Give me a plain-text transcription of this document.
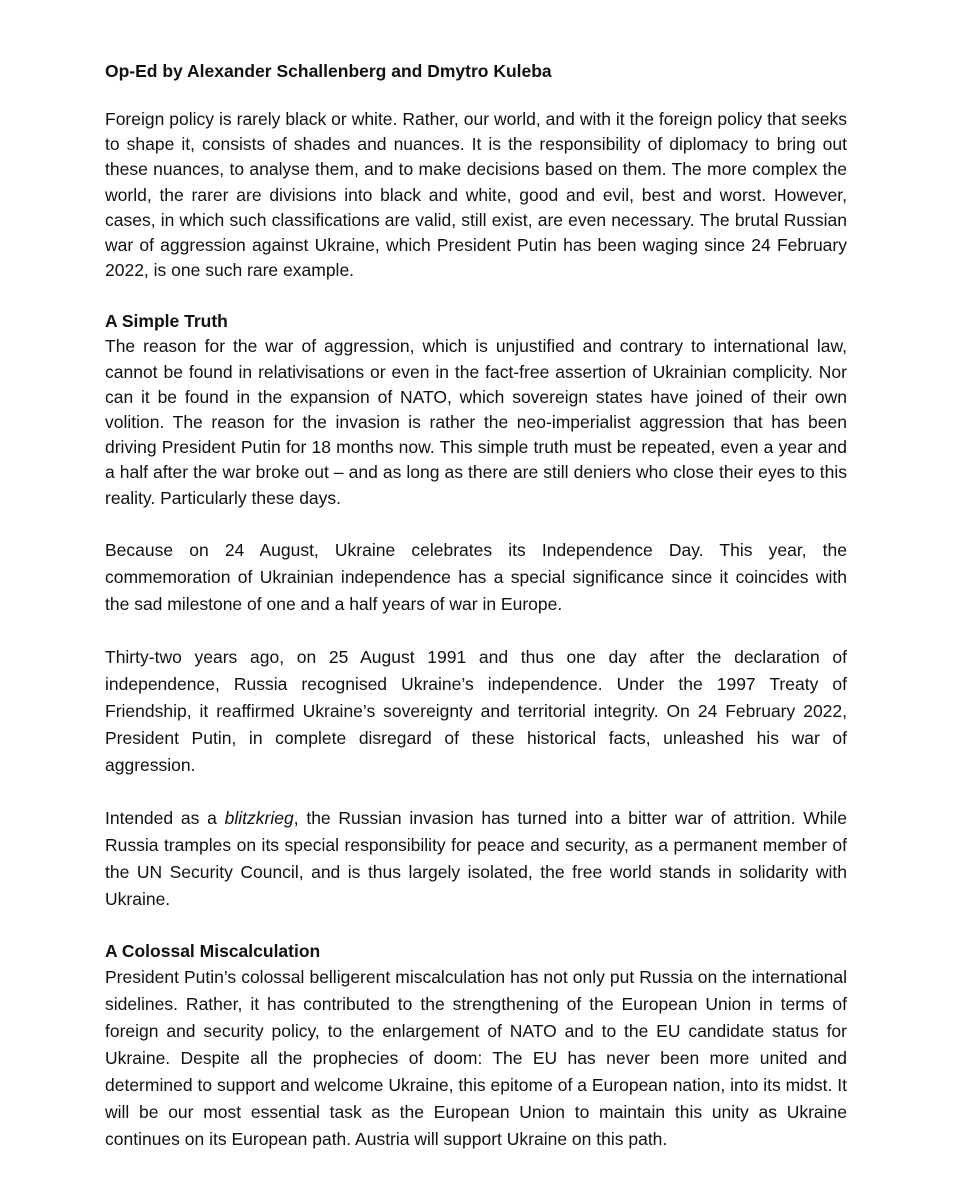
Op-Ed by Alexander Schallenberg and Dmytro Kuleba

Foreign policy is rarely black or white. Rather, our world, and with it the foreign policy that seeks to shape it, consists of shades and nuances. It is the responsibility of diplomacy to bring out these nuances, to analyse them, and to make decisions based on them. The more complex the world, the rarer are divisions into black and white, good and evil, best and worst. However, cases, in which such classifications are valid, still exist, are even necessary. The brutal Russian war of aggression against Ukraine, which President Putin has been waging since 24 February 2022, is one such rare example.

A Simple Truth

The reason for the war of aggression, which is unjustified and contrary to international law, cannot be found in relativisations or even in the fact-free assertion of Ukrainian complicity. Nor can it be found in the expansion of NATO, which sovereign states have joined of their own volition. The reason for the invasion is rather the neo-imperialist aggression that has been driving President Putin for 18 months now. This simple truth must be repeated, even a year and a half after the war broke out – and as long as there are still deniers who close their eyes to this reality. Particularly these days.

Because on 24 August, Ukraine celebrates its Independence Day. This year, the commemoration of Ukrainian independence has a special significance since it coincides with the sad milestone of one and a half years of war in Europe.

Thirty-two years ago, on 25 August 1991 and thus one day after the declaration of independence, Russia recognised Ukraine’s independence. Under the 1997 Treaty of Friendship, it reaffirmed Ukraine’s sovereignty and territorial integrity. On 24 February 2022, President Putin, in complete disregard of these historical facts, unleashed his war of aggression.

Intended as a blitzkrieg, the Russian invasion has turned into a bitter war of attrition. While Russia tramples on its special responsibility for peace and security, as a permanent member of the UN Security Council, and is thus largely isolated, the free world stands in solidarity with Ukraine.

A Colossal Miscalculation

President Putin’s colossal belligerent miscalculation has not only put Russia on the international sidelines. Rather, it has contributed to the strengthening of the European Union in terms of foreign and security policy, to the enlargement of NATO and to the EU candidate status for Ukraine. Despite all the prophecies of doom: The EU has never been more united and determined to support and welcome Ukraine, this epitome of a European nation, into its midst. It will be our most essential task as the European Union to maintain this unity as Ukraine continues on its European path. Austria will support Ukraine on this path.
